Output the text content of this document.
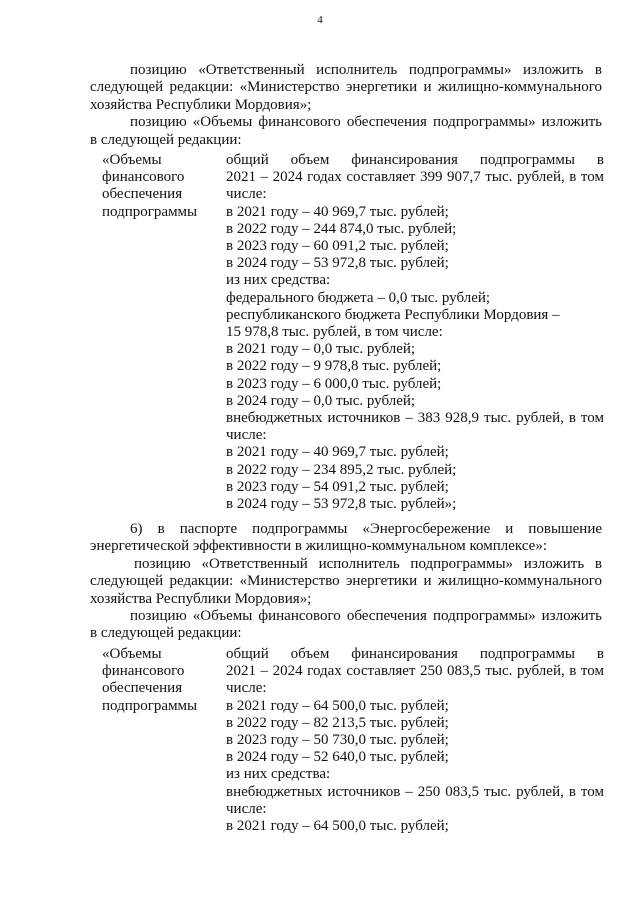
4
позицию «Ответственный исполнитель подпрограммы» изложить в
следующей редакции: «Министерство энергетики и жилищно-коммунального
хозяйства Республики Мордовия»;
позицию «Объемы финансового обеспечения подпрограммы» изложить
в следующей редакции:
«Объемы
финансового
обеспечения
подпрограммы
общий объем финансирования подпрограммы в
2021 – 2024 годах составляет 399 907,7 тыс. рублей, в том
числе:
в 2021 году – 40 969,7 тыс. рублей;
в 2022 году – 244 874,0 тыс. рублей;
в 2023 году – 60 091,2 тыс. рублей;
в 2024 году – 53 972,8 тыс. рублей;
из них средства:
федерального бюджета – 0,0 тыс. рублей;
республиканского бюджета Республики Мордовия –
15 978,8 тыс. рублей, в том числе:
в 2021 году – 0,0 тыс. рублей;
в 2022 году – 9 978,8 тыс. рублей;
в 2023 году – 6 000,0 тыс. рублей;
в 2024 году – 0,0 тыс. рублей;
внебюджетных источников – 383 928,9 тыс. рублей, в том
числе:
в 2021 году – 40 969,7 тыс. рублей;
в 2022 году – 234 895,2 тыс. рублей;
в 2023 году – 54 091,2 тыс. рублей;
в 2024 году – 53 972,8 тыс. рублей»;
6) в паспорте подпрограммы «Энергосбережение и повышение
энергетической эффективности в жилищно-коммунальном комплексе»:
позицию «Ответственный исполнитель подпрограммы» изложить в
следующей редакции: «Министерство энергетики и жилищно-коммунального
хозяйства Республики Мордовия»;
позицию «Объемы финансового обеспечения подпрограммы» изложить
в следующей редакции:
«Объемы
финансового
обеспечения
подпрограммы
общий объем финансирования подпрограммы в
2021 – 2024 годах составляет 250 083,5 тыс. рублей, в том
числе:
в 2021 году – 64 500,0 тыс. рублей;
в 2022 году – 82 213,5 тыс. рублей;
в 2023 году – 50 730,0 тыс. рублей;
в 2024 году – 52 640,0 тыс. рублей;
из них средства:
внебюджетных источников – 250 083,5 тыс. рублей, в том
числе:
в 2021 году – 64 500,0 тыс. рублей;
